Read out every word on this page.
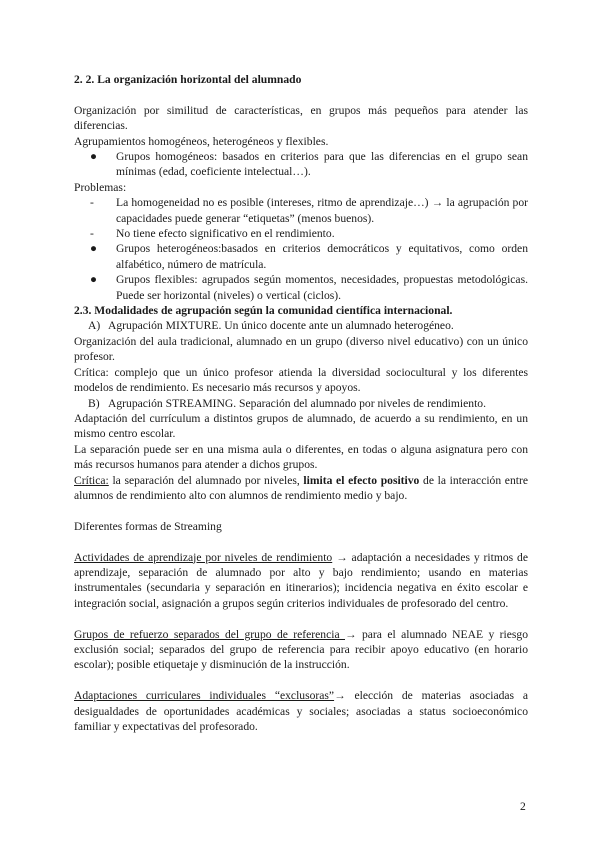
2. 2. La organización horizontal del alumnado

Organización por similitud de características, en grupos más pequeños para atender las diferencias.

Agrupamientos homogéneos, heterogéneos y flexibles.

●	Grupos homogéneos: basados en criterios para que las diferencias en el grupo sean mínimas (edad, coeficiente intelectual…).

Problemas:

-	La homogeneidad no es posible (intereses, ritmo de aprendizaje…) → la agrupación por capacidades puede generar “etiquetas” (menos buenos).
-	No tiene efecto significativo en el rendimiento.
●	Grupos heterogéneos:basados en criterios democráticos y equitativos, como orden alfabético, número de matrícula.
●	Grupos flexibles: agrupados según momentos, necesidades, propuestas metodológicas. Puede ser horizontal (niveles) o vertical (ciclos).

2.3. Modalidades de agrupación según la comunidad científica internacional.

A) Agrupación MIXTURE. Un único docente ante un alumnado heterogéneo.

Organización del aula tradicional, alumnado en un grupo (diverso nivel educativo) con un único profesor.

Crítica: complejo que un único profesor atienda la diversidad sociocultural y los diferentes modelos de rendimiento. Es necesario más recursos y apoyos.

B) Agrupación STREAMING. Separación del alumnado por niveles de rendimiento.

Adaptación del currículum a distintos grupos de alumnado, de acuerdo a su rendimiento, en un mismo centro escolar.

La separación puede ser en una misma aula o diferentes, en todas o alguna asignatura pero con más recursos humanos para atender a dichos grupos.

Crítica: la separación del alumnado por niveles, limita el efecto positivo de la interacción entre alumnos de rendimiento alto con alumnos de rendimiento medio y bajo.

Diferentes formas de Streaming

Actividades de aprendizaje por niveles de rendimiento → adaptación a necesidades y ritmos de aprendizaje, separación de alumnado por alto y bajo rendimiento; usando en materias instrumentales (secundaria y separación en itinerarios); incidencia negativa en éxito escolar e integración social, asignación a grupos según criterios individuales de profesorado del centro.

Grupos de refuerzo separados del grupo de referencia → para el alumnado NEAE y riesgo exclusión social; separados del grupo de referencia para recibir apoyo educativo (en horario escolar); posible etiquetaje y disminución de la instrucción.

Adaptaciones curriculares individuales “exclusoras”→ elección de materias asociadas a desigualdades de oportunidades académicas y sociales; asociadas a status socioeconómico familiar y expectativas del profesorado.

2
